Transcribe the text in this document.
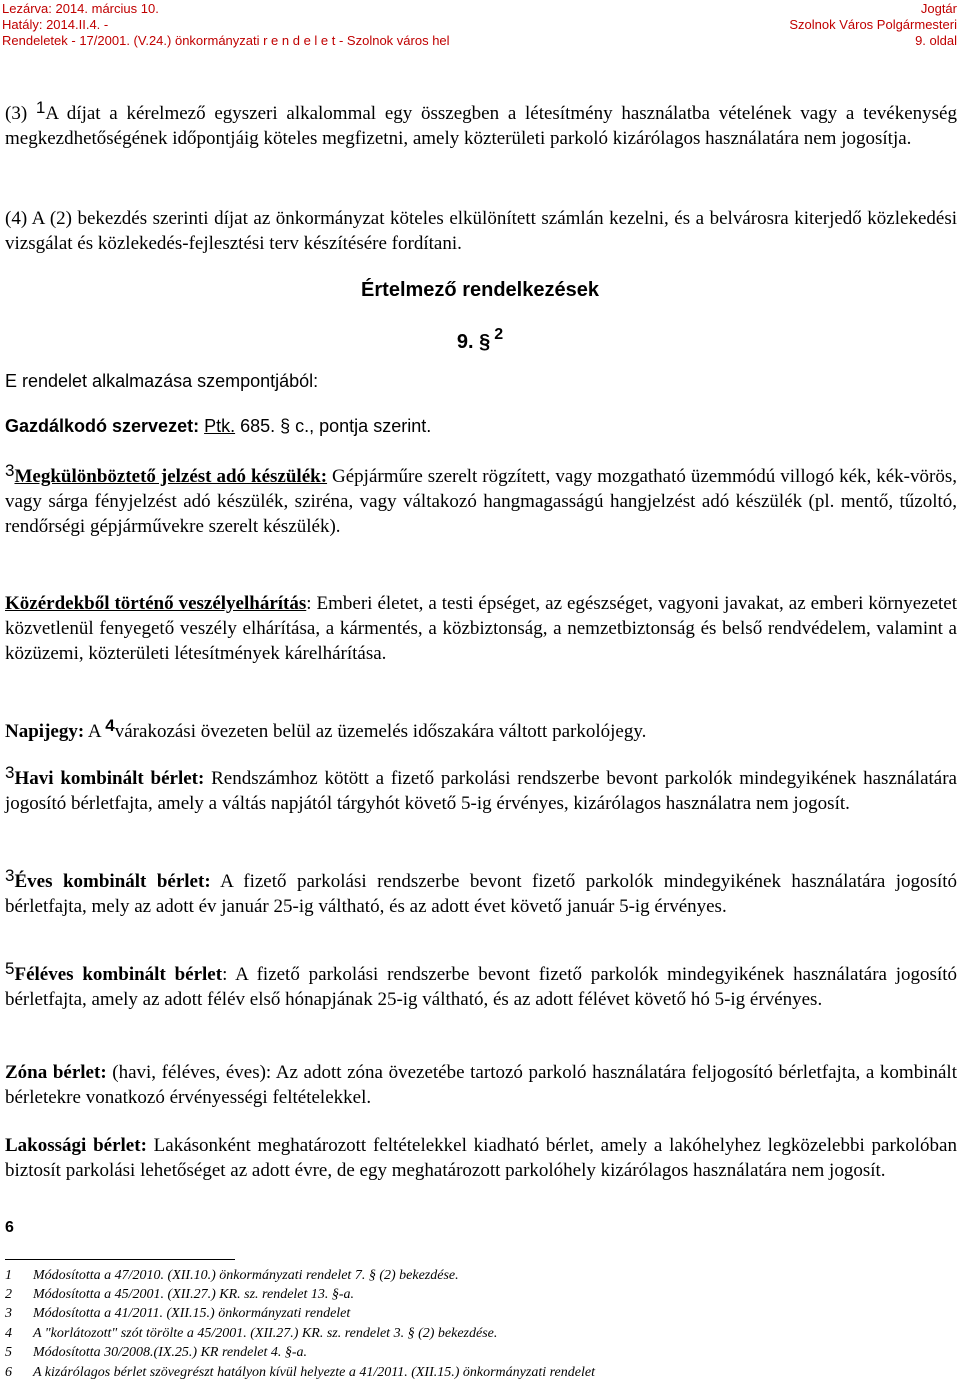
Lezárva: 2014. március 10.
Hatály: 2014.II.4. -
Rendeletek - 17/2001. (V.24.) önkormányzati r e n d e l e t - Szolnok város hel
Jogtár
Szolnok Város Polgármesteri
9. oldal

(3) 1A díjat a kérelmező egyszeri alkalommal egy összegben a létesítmény használatba vételének vagy a tevékenység megkezdhetőségének időpontjáig köteles megfizetni, amely közterületi parkoló kizárólagos használatára nem jogosítja.

(4) A (2) bekezdés szerinti díjat az önkormányzat köteles elkülönített számlán kezelni, és a belvárosra kiterjedő közlekedési vizsgálat és közlekedés-fejlesztési terv készítésére fordítani.

Értelmező rendelkezések
9. § $^2$

E rendelet alkalmazása szempontjából:

Gazdálkodó szervezet: Ptk. 685. § c., pontja szerint.

3Megkülönböztető jelzést adó készülék: Gépjárműre szerelt rögzített, vagy mozgatható üzemmódú villogó kék, kék-vörös, vagy sárga fényjelzést adó készülék, sziréna, vagy váltakozó hangmagasságú hangjelzést adó készülék (pl. mentő, tűzoltó, rendőrségi gépjárművekre szerelt készülék).

Közérdekből történő veszélyelhárítás: Emberi életet, a testi épséget, az egészséget, vagyoni javakat, az emberi környezetet közvetlenül fenyegető veszély elhárítása, a kármentés, a közbiztonság, a nemzetbiztonság és belső rendvédelem, valamint a közüzemi, közterületi létesítmények kárelhárítása.

Napijegy: A 4várakozási övezeten belül az üzemelés időszakára váltott parkolójegy.

3Havi kombinált bérlet: Rendszámhoz kötött a fizető parkolási rendszerbe bevont parkolók mindegyikének használatára jogosító bérletfajta, amely a váltás napjától tárgyhót követő 5-ig érvényes, kizárólagos használatra nem jogosít.

3Éves kombinált bérlet: A fizető parkolási rendszerbe bevont fizető parkolók mindegyikének használatára jogosító bérletfajta, mely az adott év január 25-ig váltható, és az adott évet követő január 5-ig érvényes.

5Féléves kombinált bérlet: A fizető parkolási rendszerbe bevont fizető parkolók mindegyikének használatára jogosító bérletfajta, amely az adott félév első hónapjának 25-ig váltható, és az adott félévet követő hó 5-ig érvényes.

Zóna bérlet: (havi, féléves, éves): Az adott zóna övezetébe tartozó parkoló használatára feljogosító bérletfajta, a kombinált bérletekre vonatkozó érvényességi feltételekkel.

Lakossági bérlet: Lakásonként meghatározott feltételekkel kiadható bérlet, amely a lakóhelyhez legközelebbi parkolóban biztosít parkolási lehetőséget az adott évre, de egy meghatározott parkolóhely kizárólagos használatára nem jogosít.

6

1 Módosította a 47/2010. (XII.10.) önkormányzati rendelet 7. § (2) bekezdése.
2 Módosította a 45/2001. (XII.27.) KR. sz. rendelet 13. §-a.
3 Módosította a 41/2011. (XII.15.) önkormányzati rendelet
4 A "korlátozott" szót törölte a 45/2001. (XII.27.) KR. sz. rendelet 3. § (2) bekezdése.
5 Módosította 30/2008.(IX.25.) KR rendelet 4. §-a.
6 A kizárólagos bérlet szövegrészt hatályon kívül helyezte a 41/2011. (XII.15.) önkormányzati rendelet
